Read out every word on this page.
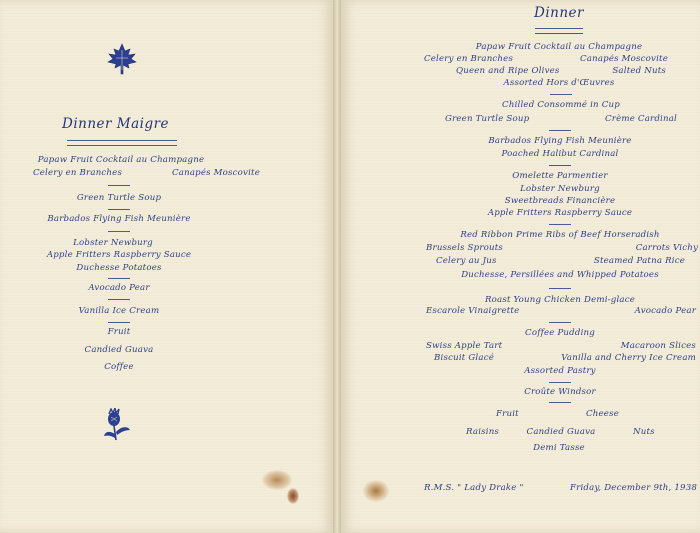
Dinner Maigre
Papaw Fruit Cocktail au Champagne
Celery en Branches	Canapés Moscovite
Green Turtle Soup
Barbados Flying Fish Meunière
Lobster Newburg
Apple Fritters Raspberry Sauce
Duchesse Potatoes
Avocado Pear
Vanilla Ice Cream
Fruit
Candied Guava
Coffee
Dinner
Papaw Fruit Cocktail au Champagne
Celery en Branches	Canapés Moscovite
Queen and Ripe Olives	Salted Nuts
Assorted Hors d'Œuvres
Chilled Consommé in Cup
Green Turtle Soup	Crème Cardinal
Barbados Flying Fish Meunière
Poached Halibut Cardinal
Omelette Parmentier
Lobster Newburg
Sweetbreads Financière
Apple Fritters Raspberry Sauce
Red Ribbon Prime Ribs of Beef Horseradish
Brussels Sprouts	Carrots Vichy
Celery au Jus	Steamed Patna Rice
Duchesse, Persillées and Whipped Potatoes
Roast Young Chicken Demi-glace
Escarole Vinaigrette	Avocado Pear
Coffee Pudding
Swiss Apple Tart	Macaroon Slices
Biscuit Glacé	Vanilla and Cherry Ice Cream
Assorted Pastry
Croûte Windsor
Fruit	Cheese
Raisins	Candied Guava	Nuts
Demi Tasse
R.M.S. " Lady Drake "	Friday, December 9th, 1938
